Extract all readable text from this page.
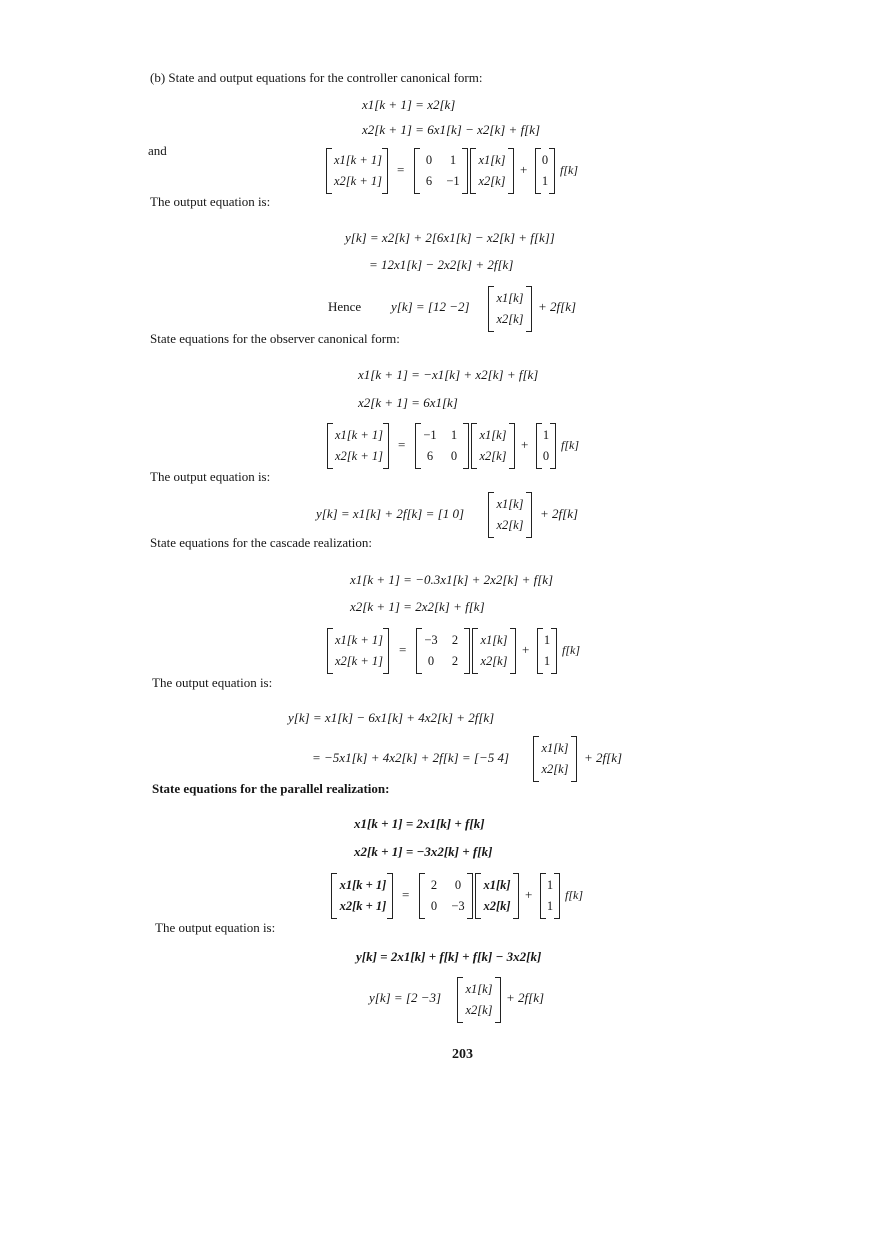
(b) State and output equations for the controller canonical form:
x1[k + 1] = x2[k]
x2[k + 1] = 6x1[k] − x2[k] + f[k]
and
x1[k + 1]
x2[k + 1]
=
0	1
6	−1
x1[k]
x2[k]
+
0
1
f[k]
The output equation is:
y[k] = x2[k] + 2[6x1[k] − x2[k] + f[k]]
= 12x1[k] − 2x2[k] + 2f[k]
Hence y[k] = [12 −2]
x1[k]
x2[k]
+ 2f[k]
State equations for the observer canonical form:
x1[k + 1] = −x1[k] + x2[k] + f[k]
x2[k + 1] = 6x1[k]
x1[k + 1]
x2[k + 1]
=
−1	1
6	0
x1[k]
x2[k]
+
1
0
f[k]
The output equation is:
y[k] = x1[k] + 2f[k] = [1 0]
x1[k]
x2[k]
+ 2f[k]
State equations for the cascade realization:
x1[k + 1] = −0.3x1[k] + 2x2[k] + f[k]
x2[k + 1] = 2x2[k] + f[k]
x1[k + 1]
x2[k + 1]
=
−3	2
0	2
x1[k]
x2[k]
+
1
1
f[k]
The output equation is:
y[k] = x1[k] − 6x1[k] + 4x2[k] + 2f[k]
= −5x1[k] + 4x2[k] + 2f[k] = [−5 4]
x1[k]
x2[k]
+ 2f[k]
State equations for the parallel realization:
x1[k + 1] = 2x1[k] + f[k]
x2[k + 1] = −3x2[k] + f[k]
x1[k + 1]
x2[k + 1]
=
2	0
0	−3
x1[k]
x2[k]
+
1
1
f[k]
The output equation is:
y[k] = 2x1[k] + f[k] + f[k] − 3x2[k]
y[k] = [2 −3]
x1[k]
x2[k]
+ 2f[k]
203
